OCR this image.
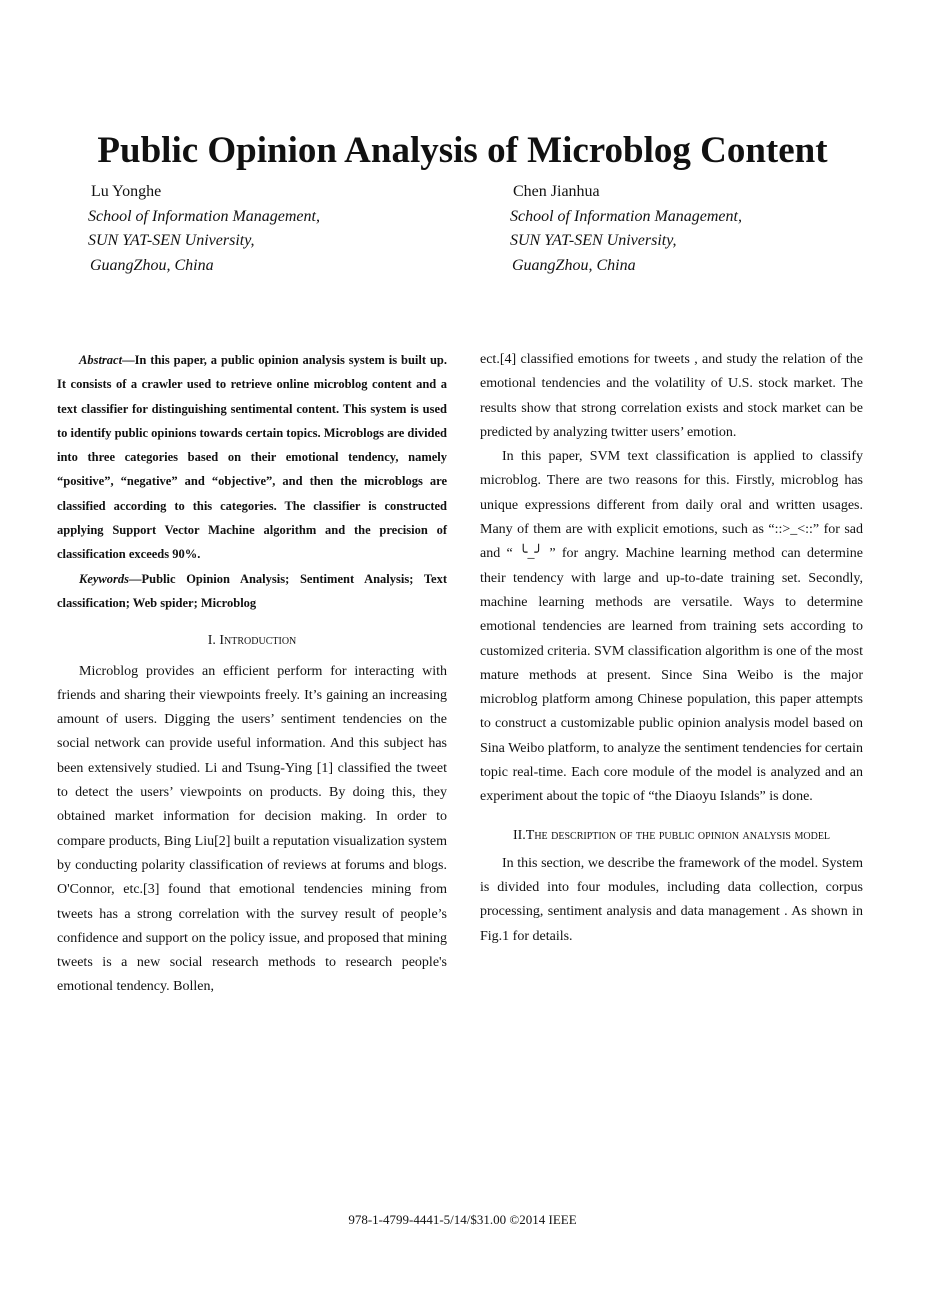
Public Opinion Analysis of Microblog Content
Lu Yonghe
School of Information Management,
SUN YAT-SEN University,
GuangZhou, China
Chen Jianhua
School of Information Management,
SUN YAT-SEN University,
GuangZhou, China

Abstract—In this paper, a public opinion analysis system is built up. It consists of a crawler used to retrieve online microblog content and a text classifier for distinguishing sentimental content. This system is used to identify public opinions towards certain topics. Microblogs are divided into three categories based on their emotional tendency, namely “positive”, “negative” and “objective”, and then the microblogs are classified according to this categories. The classifier is constructed applying Support Vector Machine algorithm and the precision of classification exceeds 90%.

Keywords—Public Opinion Analysis; Sentiment Analysis; Text classification; Web spider; Microblog

I. Introduction

Microblog provides an efficient perform for interacting with friends and sharing their viewpoints freely. It’s gaining an increasing amount of users. Digging the users’ sentiment tendencies on the social network can provide useful information. And this subject has been extensively studied. Li and Tsung-Ying [1] classified the tweet to detect the users’ viewpoints on products. By doing this, they obtained market information for decision making. In order to compare products, Bing Liu[2] built a reputation visualization system by conducting polarity classification of reviews at forums and blogs. O'Connor, etc.[3] found that emotional tendencies mining from tweets has a strong correlation with the survey result of people’s confidence and support on the policy issue, and proposed that mining tweets is a new social research methods to research people's emotional tendency. Bollen,

ect.[4] classified emotions for tweets , and study the relation of the emotional tendencies and the volatility of U.S. stock market. The results show that strong correlation exists and stock market can be predicted by analyzing twitter users’ emotion.

In this paper, SVM text classification is applied to classify microblog. There are two reasons for this. Firstly, microblog has unique expressions different from daily oral and written usages. Many of them are with explicit emotions, such as “::>_<::” for sad and “ ╰_╯ ” for angry. Machine learning method can determine their tendency with large and up-to-date training set. Secondly, machine learning methods are versatile. Ways to determine emotional tendencies are learned from training sets according to customized criteria. SVM classification algorithm is one of the most mature methods at present. Since Sina Weibo is the major microblog platform among Chinese population, this paper attempts to construct a customizable public opinion analysis model based on Sina Weibo platform, to analyze the sentiment tendencies for certain topic real-time. Each core module of the model is analyzed and an experiment about the topic of “the Diaoyu Islands” is done.

II.The description of the public opinion analysis model

In this section, we describe the framework of the model. System is divided into four modules, including data collection, corpus processing, sentiment analysis and data management . As shown in Fig.1 for details.

978-1-4799-4441-5/14/$31.00 ©2014 IEEE
